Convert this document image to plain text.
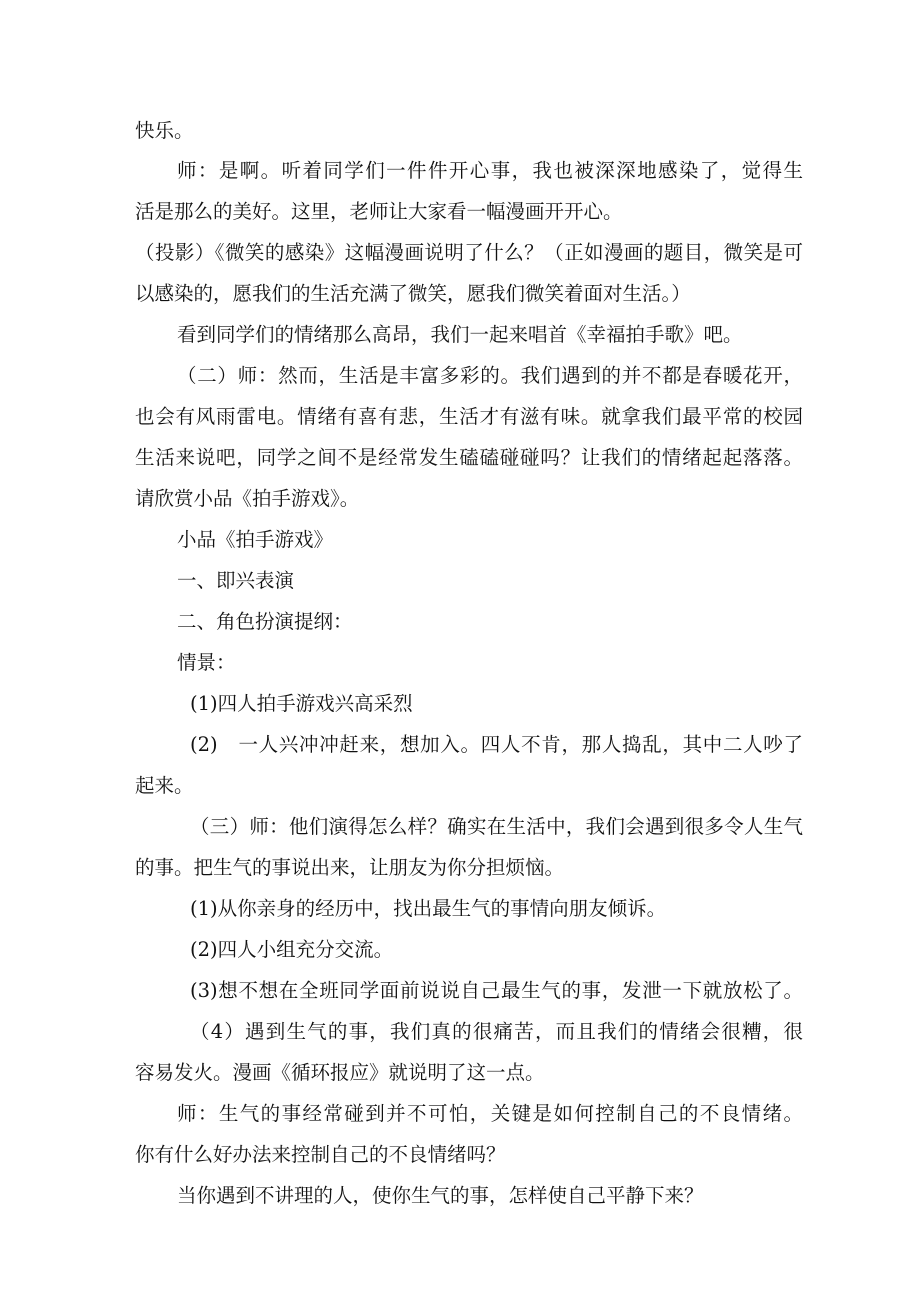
快乐。
师：是啊。听着同学们一件件开心事，我也被深深地感染了，觉得生
活是那么的美好。这里，老师让大家看一幅漫画开开心。
（投影）《微笑的感染》这幅漫画说明了什么？（正如漫画的题目，微笑是可
以感染的，愿我们的生活充满了微笑，愿我们微笑着面对生活。）
看到同学们的情绪那么高昂，我们一起来唱首《幸福拍手歌》吧。
（二）师：然而，生活是丰富多彩的。我们遇到的并不都是春暖花开，
也会有风雨雷电。情绪有喜有悲，生活才有滋有味。就拿我们最平常的校园
生活来说吧，同学之间不是经常发生磕磕碰碰吗？让我们的情绪起起落落。
请欣赏小品《拍手游戏》。
小品《拍手游戏》
一、即兴表演
二、角色扮演提纲：
情景：
(1)四人拍手游戏兴高采烈
(2)　一人兴冲冲赶来，想加入。四人不肯，那人捣乱，其中二人吵了
起来。
（三）师：他们演得怎么样？确实在生活中，我们会遇到很多令人生气
的事。把生气的事说出来，让朋友为你分担烦恼。
(1)从你亲身的经历中，找出最生气的事情向朋友倾诉。
(2)四人小组充分交流。
(3)想不想在全班同学面前说说自己最生气的事，发泄一下就放松了。
（4）遇到生气的事，我们真的很痛苦，而且我们的情绪会很糟，很
容易发火。漫画《循环报应》就说明了这一点。
师：生气的事经常碰到并不可怕，关键是如何控制自己的不良情绪。
你有什么好办法来控制自己的不良情绪吗？
当你遇到不讲理的人，使你生气的事，怎样使自己平静下来？
